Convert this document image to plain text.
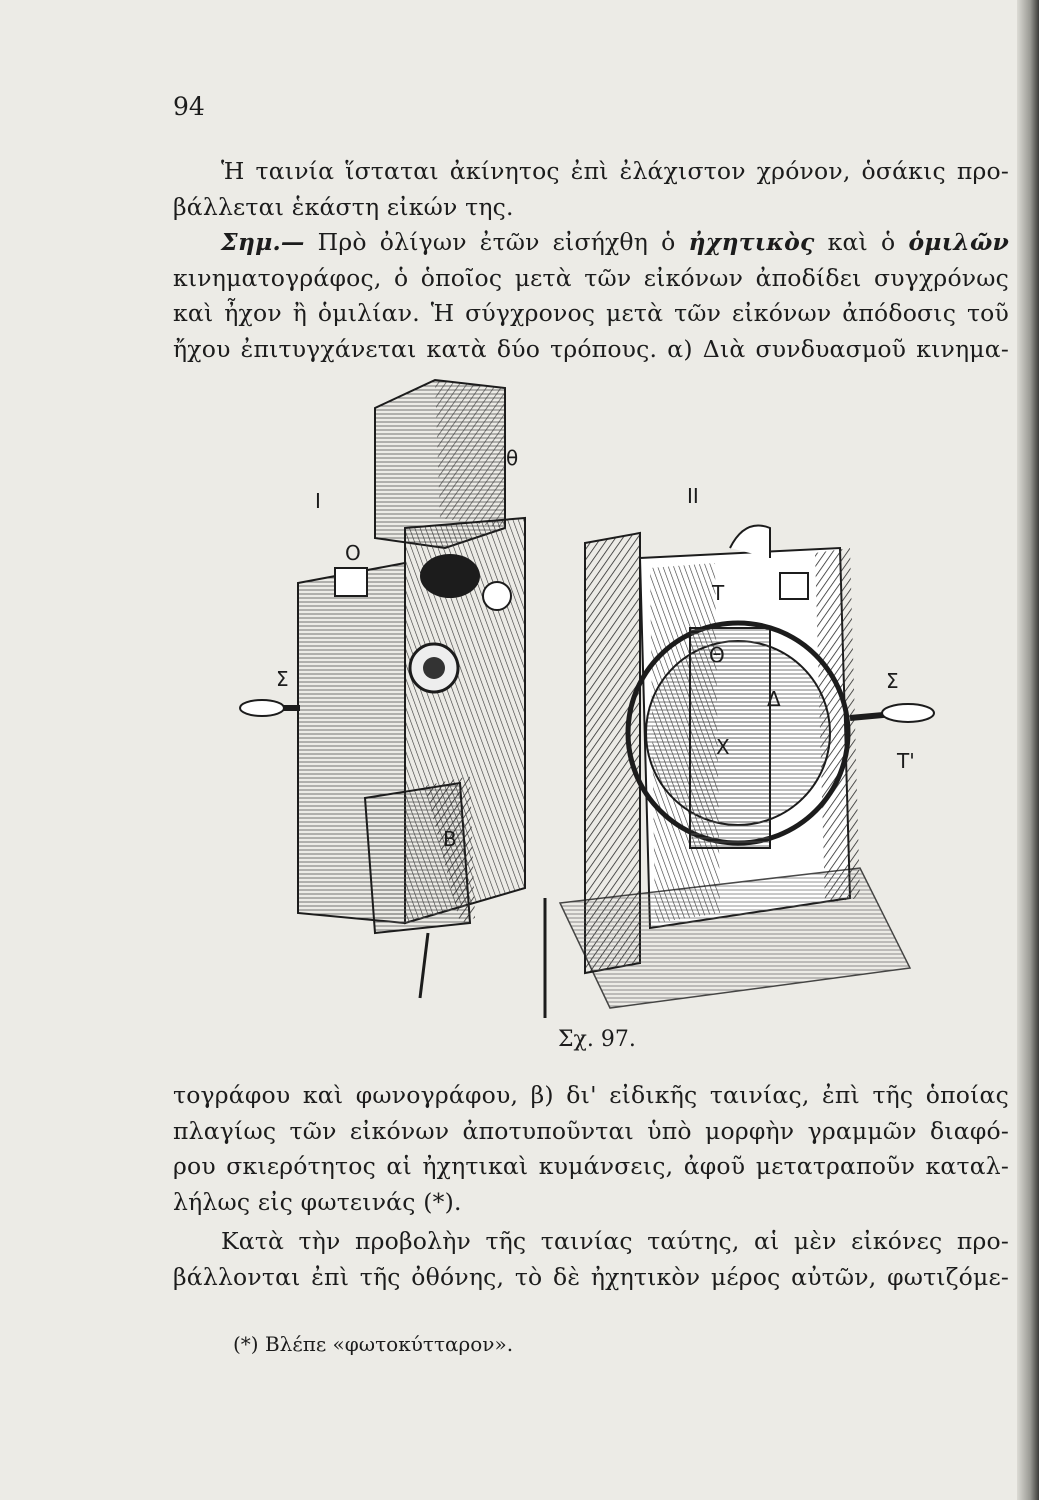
94

Ἡ ταινία ἵσταται ἀκίνητος ἐπὶ ἐλάχιστον χρόνον, ὁσάκις προ-
βάλλεται ἑκάστη εἰκών της.

Σημ.— Πρὸ ὀλίγων ἐτῶν εἰσήχθη ὁ ἠχητικὸς καὶ ὁ ὁμιλῶν
κινηματογράφος, ὁ ὁποῖος μετὰ τῶν εἰκόνων ἀποδίδει συγχρόνως
καὶ ἦχον ἢ ὁμιλίαν. Ἡ σύγχρονος μετὰ τῶν εἰκόνων ἀπόδοσις τοῦ
ἤχου ἐπιτυγχάνεται κατὰ δύο τρόπους. α) Διὰ συνδυασμοῦ κινημα-

I	II
O
θ
Σ	Σ
B
T
Θ
Δ
Χ
T'
Σχ. 97.

τογράφου καὶ φωνογράφου, β) δι' εἰδικῆς ταινίας, ἐπὶ τῆς ὁποίας
πλαγίως τῶν εἰκόνων ἀποτυποῦνται ὑπὸ μορφὴν γραμμῶν διαφό-
ρου σκιερότητος αἱ ἠχητικαὶ κυμάνσεις, ἀφοῦ μετατραποῦν καταλ-
λήλως εἰς φωτεινάς (*).

Κατὰ τὴν προβολὴν τῆς ταινίας ταύτης, αἱ μὲν εἰκόνες προ-
βάλλονται ἐπὶ τῆς ὀθόνης, τὸ δὲ ἠχητικὸν μέρος αὐτῶν, φωτιζόμε-

(*) Βλέπε «φωτοκύτταρον».
